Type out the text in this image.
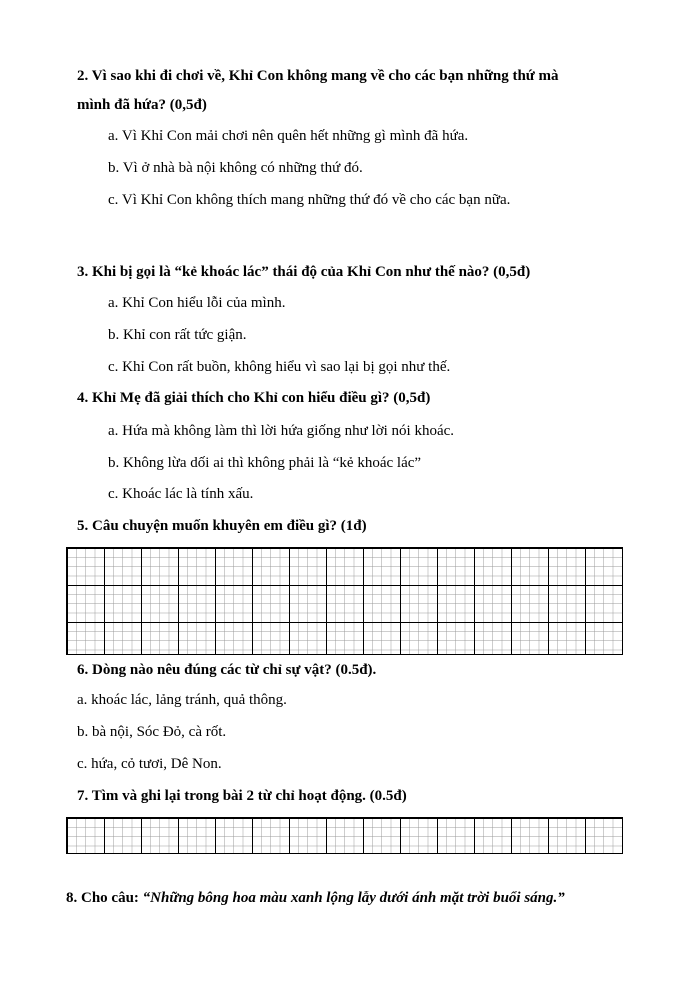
2. Vì sao khi đi chơi về, Khỉ Con không mang về cho các bạn những thứ mà
mình đã hứa? (0,5đ)
a. Vì Khỉ Con mải chơi nên quên hết những gì mình đã hứa.
b. Vì ở nhà bà nội không có những thứ đó.
c. Vì Khỉ Con không thích mang những thứ đó về cho các bạn nữa.
3. Khi bị gọi là “kẻ khoác lác” thái độ của Khỉ Con như thế nào? (0,5đ)
a. Khỉ Con hiểu lỗi của mình.
b. Khỉ con rất tức giận.
c. Khỉ Con rất buồn, không hiểu vì sao lại bị gọi như thế.
4. Khỉ Mẹ đã giải thích cho Khỉ con hiểu điều gì? (0,5đ)
a. Hứa mà không làm thì lời hứa giống như lời nói khoác.
b. Không lừa dối ai thì không phải là “kẻ khoác lác”
c. Khoác lác là tính xấu.
5. Câu chuyện muốn khuyên em điều gì? (1đ)
6. Dòng nào nêu đúng các từ chỉ sự vật? (0.5đ).
a. khoác lác, lảng tránh, quả thông.
b. bà nội, Sóc Đỏ, cà rốt.
c. hứa, cỏ tươi, Dê Non.
7. Tìm và ghi lại trong bài 2 từ chỉ hoạt động. (0.5đ)
8. Cho câu: “Những bông hoa màu xanh lộng lẫy dưới ánh mặt trời buổi sáng.”
